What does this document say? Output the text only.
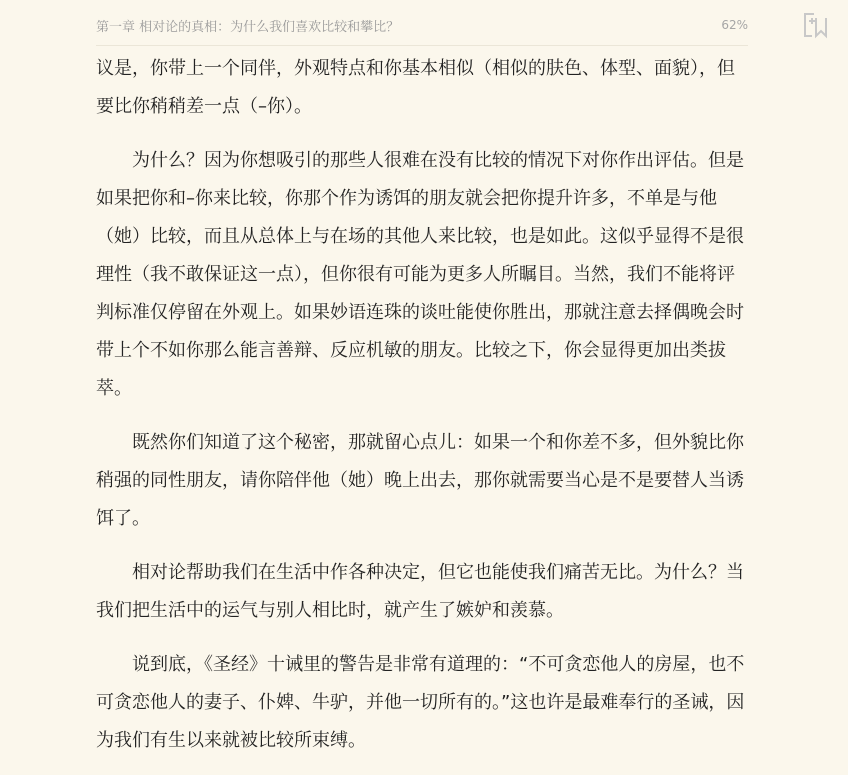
第一章 相对论的真相：为什么我们喜欢比较和攀比？	62%

议是，你带上一个同伴，外观特点和你基本相似（相似的肤色、体型、面貌），但要比你稍稍差一点（–你）。

为什么？因为你想吸引的那些人很难在没有比较的情况下对你作出评估。但是如果把你和–你来比较，你那个作为诱饵的朋友就会把你提升许多，不单是与他（她）比较，而且从总体上与在场的其他人来比较，也是如此。这似乎显得不是很理性（我不敢保证这一点），但你很有可能为更多人所瞩目。当然，我们不能将评判标准仅停留在外观上。如果妙语连珠的谈吐能使你胜出，那就注意去择偶晚会时带上个不如你那么能言善辩、反应机敏的朋友。比较之下，你会显得更加出类拔萃。

既然你们知道了这个秘密，那就留心点儿：如果一个和你差不多，但外貌比你稍强的同性朋友，请你陪伴他（她）晚上出去，那你就需要当心是不是要替人当诱饵了。

相对论帮助我们在生活中作各种决定，但它也能使我们痛苦无比。为什么？当我们把生活中的运气与别人相比时，就产生了嫉妒和羡慕。

说到底，《圣经》十诫里的警告是非常有道理的：“不可贪恋他人的房屋，也不可贪恋他人的妻子、仆婢、牛驴，并他一切所有的。”这也许是最难奉行的圣诫，因为我们有生以来就被比较所束缚。
